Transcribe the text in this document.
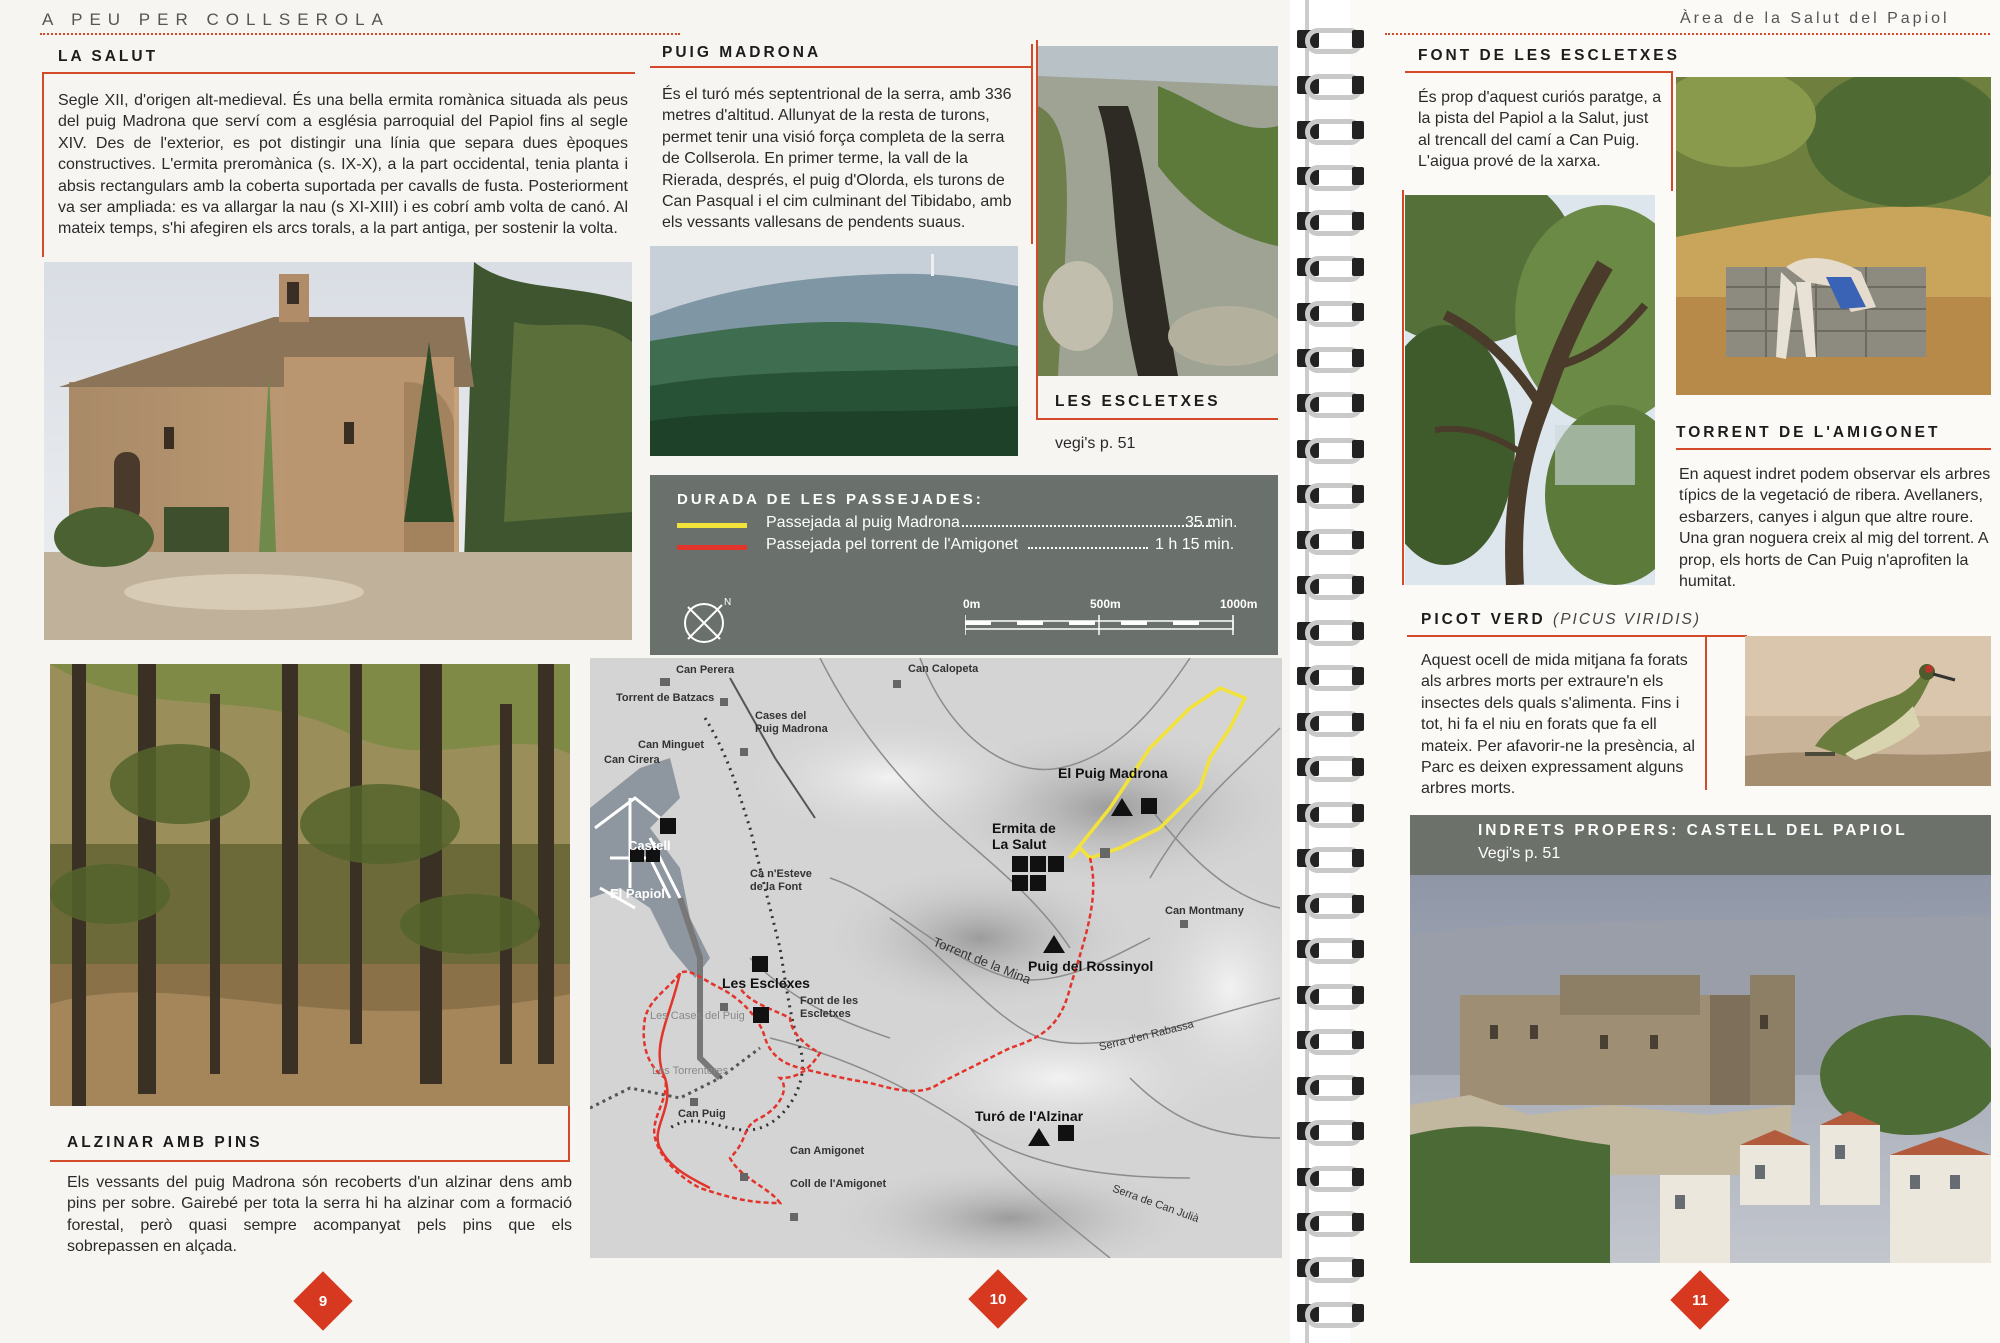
A PEU PER COLLSEROLA	Àrea de la Salut del Papiol
LA SALUT
Segle XII, d'origen alt-medieval. És una bella ermita romànica situada als peus del puig Madrona que serví com a església parroquial del Papiol fins al segle XIV. Des de l'exterior, es pot distingir una línia que separa dues èpoques constructives. L'ermita preromànica (s. IX-X), a la part occidental, tenia planta i absis rectangulars amb la coberta suportada per cavalls de fusta. Posteriorment va ser ampliada: es va allargar la nau (s XI-XIII) i es cobrí amb volta de canó. Al mateix temps, s'hi afegiren els arcs torals, a la part antiga, per sostenir la volta.
ALZINAR AMB PINS
Els vessants del puig Madrona són recoberts d'un alzinar dens amb pins per sobre. Gairebé per tota la serra hi ha alzinar com a formació forestal, però quasi sempre acompanyat pels pins que els sobrepassen en alçada.
9
PUIG MADRONA
És el turó més septentrional de la serra, amb 336 metres d'altitud. Allunyat de la resta de turons, permet tenir una visió força completa de la serra de Collserola. En primer terme, la vall de la Rierada, després, el puig d'Olorda, els turons de Can Pasqual i el cim culminant del Tibidabo, amb els vessants vallesans de pendents suaus.
LES ESCLETXES
vegi's p. 51
DURADA DE LES PASSEJADES:
Passejada al puig Madrona	35 min.
Passejada pel torrent de l'Amigonet	1 h 15 min.
N	0m	500m	1000m
Can Perera
Torrent de Batzacs
Can Minguet
Can Cirera
Can Calopeta
Cases del
Puig Madrona
Castell
El Papiol
Ca n'Esteve
de la Font
El Puig Madrona
Ermita de
La Salut
Can Montmany
Torrent de la Mina
Puig del Rossinyol
Les Esclexes
Font de les
Escletxes
Les Cases del Puig
Serra d'en Rabassa
Les Torrenteres
Can Puig	Turó de l'Alzinar
Can Amigonet
Coll de l'Amigonet	Serra de Can Julià
10
FONT DE LES ESCLETXES
És prop d'aquest curiós paratge, a la pista del Papiol a la Salut, just al trencall del camí a Can Puig. L'aigua prové de la xarxa.
TORRENT DE L'AMIGONET
En aquest indret podem observar els arbres típics de la vegetació de ribera. Avellaners, esbarzers, canyes i algun que altre roure. Una gran noguera creix al mig del torrent. A prop, els horts de Can Puig n'aprofiten la humitat.
PICOT VERD (PICUS VIRIDIS)
Aquest ocell de mida mitjana fa forats als arbres morts per extraure'n els insectes dels quals s'alimenta. Fins i tot, hi fa el niu en forats que fa ell mateix. Per afavorir-ne la presència, al Parc es deixen expressament alguns arbres morts.
INDRETS PROPERS: CASTELL DEL PAPIOL
Vegi's p. 51
11
